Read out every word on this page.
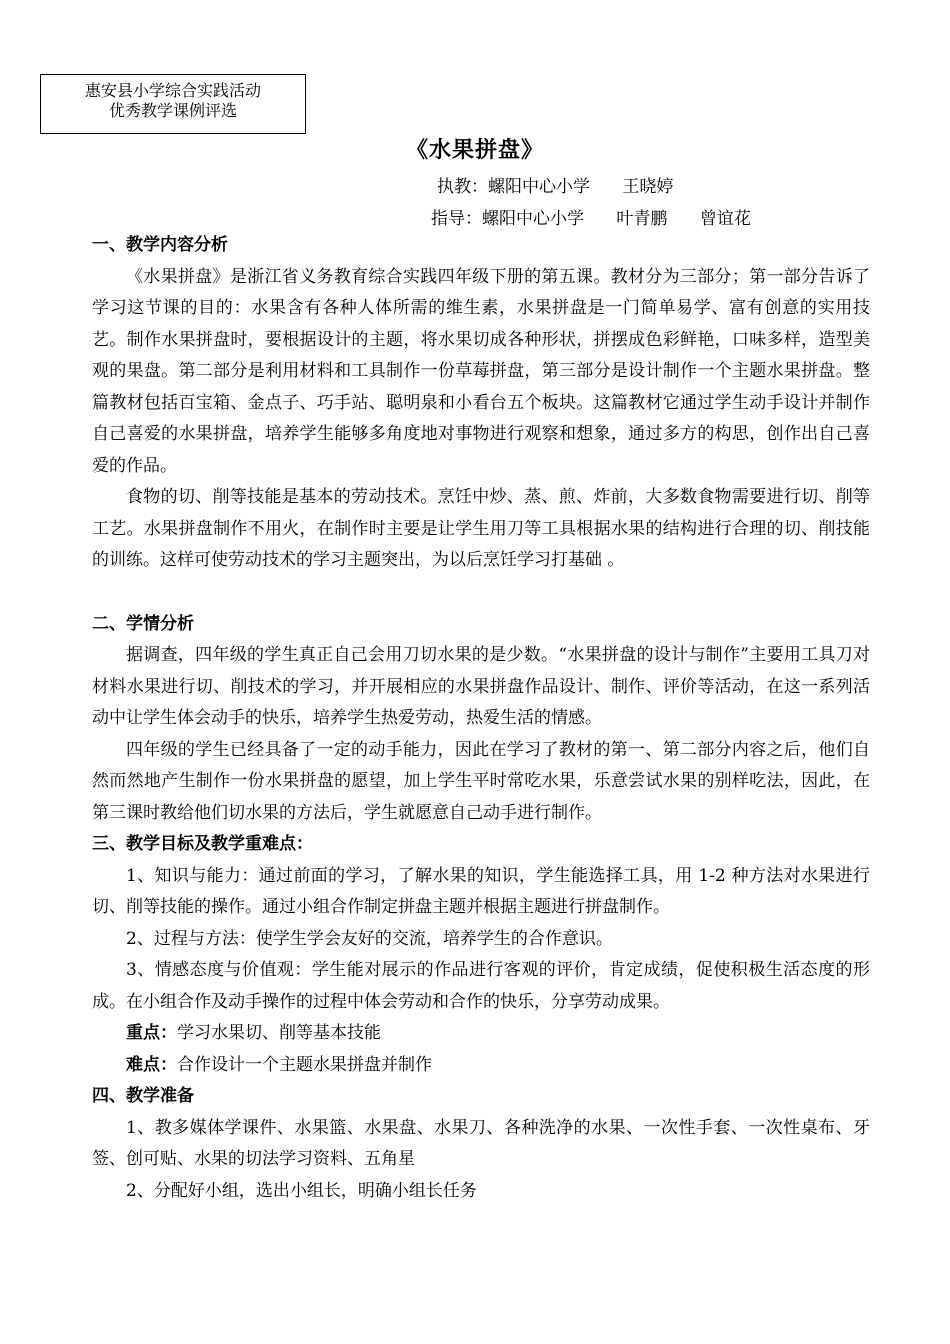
惠安县小学综合实践活动
优秀教学课例评选
《水果拼盘》
执教：螺阳中心小学      王晓婷
指导：螺阳中心小学      叶青鹏      曾谊花
一、教学内容分析

《水果拼盘》是浙江省义务教育综合实践四年级下册的第五课。教材分为三部分；第一部分告诉了学习这节课的目的：水果含有各种人体所需的维生素，水果拼盘是一门简单易学、富有创意的实用技艺。制作水果拼盘时，要根据设计的主题，将水果切成各种形状，拼摆成色彩鲜艳，口味多样，造型美观的果盘。第二部分是利用材料和工具制作一份草莓拼盘，第三部分是设计制作一个主题水果拼盘。整篇教材包括百宝箱、金点子、巧手站、聪明泉和小看台五个板块。这篇教材它通过学生动手设计并制作自己喜爱的水果拼盘，培养学生能够多角度地对事物进行观察和想象，通过多方的构思，创作出自己喜爱的作品。

食物的切、削等技能是基本的劳动技术。烹饪中炒、蒸、煎、炸前，大多数食物需要进行切、削等工艺。水果拼盘制作不用火，在制作时主要是让学生用刀等工具根据水果的结构进行合理的切、削技能的训练。这样可使劳动技术的学习主题突出，为以后烹饪学习打基础 。

二、学情分析

据调查，四年级的学生真正自己会用刀切水果的是少数。“水果拼盘的设计与制作”主要用工具刀对材料水果进行切、削技术的学习，并开展相应的水果拼盘作品设计、制作、评价等活动，在这一系列活动中让学生体会动手的快乐，培养学生热爱劳动，热爱生活的情感。

四年级的学生已经具备了一定的动手能力，因此在学习了教材的第一、第二部分内容之后，他们自然而然地产生制作一份水果拼盘的愿望，加上学生平时常吃水果，乐意尝试水果的别样吃法，因此，在第三课时教给他们切水果的方法后，学生就愿意自己动手进行制作。

三、教学目标及教学重难点：

1、知识与能力：通过前面的学习，了解水果的知识，学生能选择工具，用 1-2 种方法对水果进行切、削等技能的操作。通过小组合作制定拼盘主题并根据主题进行拼盘制作。

2、过程与方法：使学生学会友好的交流，培养学生的合作意识。

3、情感态度与价值观：学生能对展示的作品进行客观的评价，肯定成绩，促使积极生活态度的形成。在小组合作及动手操作的过程中体会劳动和合作的快乐，分享劳动成果。

重点：学习水果切、削等基本技能

难点：合作设计一个主题水果拼盘并制作

四、教学准备

1、教多媒体学课件、水果篮、水果盘、水果刀、各种洗净的水果、一次性手套、一次性桌布、牙签、创可贴、水果的切法学习资料、五角星

2、分配好小组，选出小组长，明确小组长任务
